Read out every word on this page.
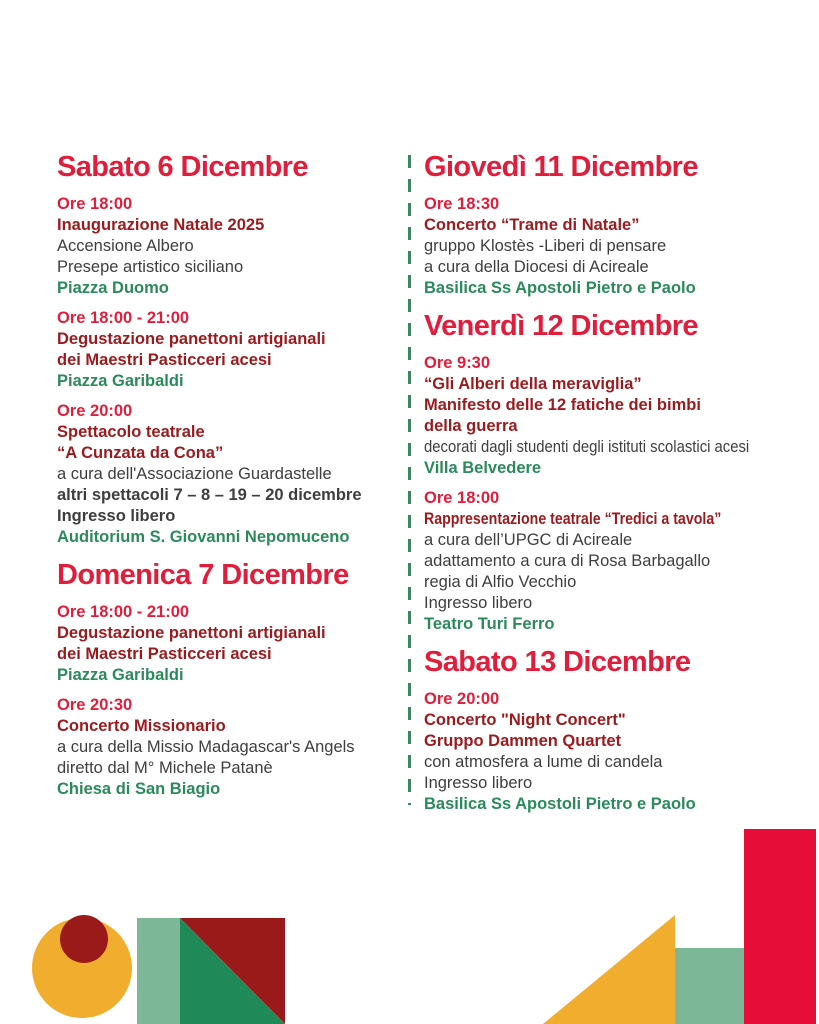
Sabato 6 Dicembre
Ore 18:00
Inaugurazione Natale 2025
Accensione Albero
Presepe artistico siciliano
Piazza Duomo
Ore 18:00 - 21:00
Degustazione panettoni artigianali
dei Maestri Pasticceri acesi
Piazza Garibaldi
Ore 20:00
Spettacolo teatrale
“A Cunzata da Cona”
a cura dell'Associazione Guardastelle
altri spettacoli 7 – 8 – 19 – 20 dicembre
Ingresso libero
Auditorium S. Giovanni Nepomuceno
Domenica 7 Dicembre
Ore 18:00 - 21:00
Degustazione panettoni artigianali
dei Maestri Pasticceri acesi
Piazza Garibaldi
Ore 20:30
Concerto Missionario
a cura della Missio Madagascar's Angels
diretto dal M° Michele Patanè
Chiesa di San Biagio
Giovedì 11 Dicembre
Ore 18:30
Concerto “Trame di Natale”
gruppo Klostès -Liberi di pensare
a cura della Diocesi di Acireale
Basilica Ss Apostoli Pietro e Paolo
Venerdì 12 Dicembre
Ore 9:30
“Gli Alberi della meraviglia”
Manifesto delle 12 fatiche dei bimbi
della guerra
decorati dagli studenti degli istituti scolastici acesi
Villa Belvedere
Ore 18:00
Rappresentazione teatrale “Tredici a tavola”
a cura dell’UPGC di Acireale
adattamento a cura di Rosa Barbagallo
regia di Alfio Vecchio
Ingresso libero
Teatro Turi Ferro
Sabato 13 Dicembre
Ore 20:00
Concerto "Night Concert"
Gruppo Dammen Quartet
con atmosfera a lume di candela
Ingresso libero
Basilica Ss Apostoli Pietro e Paolo
